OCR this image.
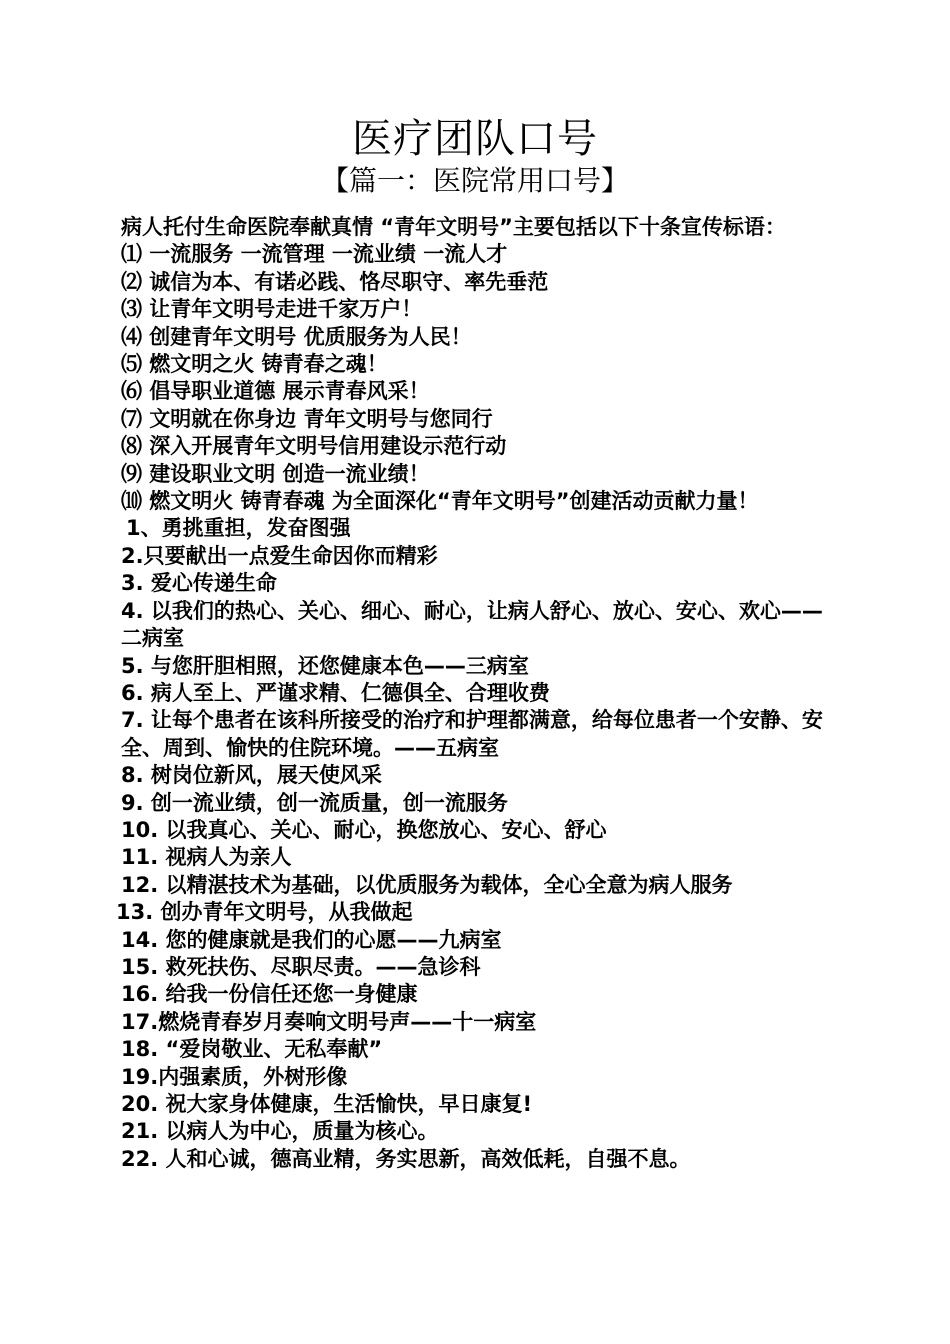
医疗团队口号
【篇一：医院常用口号】

病人托付生命医院奉献真情 “青年文明号”主要包括以下十条宣传标语：

⑴ 一流服务 一流管理 一流业绩 一流人才

⑵ 诚信为本、有诺必践、恪尽职守、率先垂范

⑶ 让青年文明号走进千家万户！

⑷ 创建青年文明号 优质服务为人民！

⑸ 燃文明之火 铸青春之魂！

⑹ 倡导职业道德 展示青春风采！

⑺ 文明就在你身边 青年文明号与您同行

⑻ 深入开展青年文明号信用建设示范行动

⑼ 建设职业文明 创造一流业绩！

⑽ 燃文明火 铸青春魂 为全面深化“青年文明号”创建活动贡献力量！

1、勇挑重担，发奋图强

2.只要献出一点爱生命因你而精彩

3. 爱心传递生命

4. 以我们的热心、关心、细心、耐心，让病人舒心、放心、安心、欢心——二病室

5. 与您肝胆相照，还您健康本色——三病室

6. 病人至上、严谨求精、仁德俱全、合理收费

7. 让每个患者在该科所接受的治疗和护理都满意，给每位患者一个安静、安全、周到、愉快的住院环境。——五病室

8. 树岗位新风，展天使风采

9. 创一流业绩，创一流质量，创一流服务

10. 以我真心、关心、耐心，换您放心、安心、舒心

11. 视病人为亲人

12. 以精湛技术为基础，以优质服务为载体，全心全意为病人服务

13. 创办青年文明号，从我做起

14. 您的健康就是我们的心愿——九病室

15. 救死扶伤、尽职尽责。——急诊科

16. 给我一份信任还您一身健康

17.燃烧青春岁月奏响文明号声——十一病室

18. “爱岗敬业、无私奉献”

19.内强素质，外树形像

20. 祝大家身体健康，生活愉快，早日康复!

21. 以病人为中心，质量为核心。

22. 人和心诚，德高业精，务实思新，高效低耗，自强不息。
